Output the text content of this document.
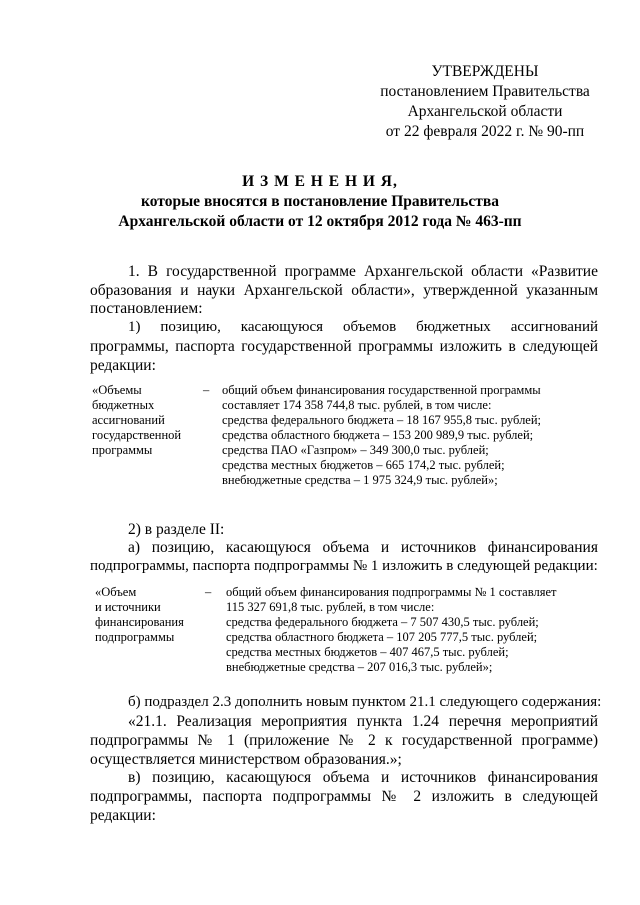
УТВЕРЖДЕНЫ
постановлением Правительства
Архангельской области
от 22 февраля 2022 г. № 90-пп
И З М Е Н Е Н И Я,
которые вносятся в постановление Правительства
Архангельской области от 12 октября 2012 года № 463-пп
1. В государственной программе Архангельской области «Развитие
образования и науки Архангельской области», утвержденной указанным
постановлением:
1) позицию, касающуюся объемов бюджетных ассигнований
программы, паспорта государственной программы изложить в следующей
редакции:
«Объемы
бюджетных
ассигнований
государственной
программы
– общий объем финансирования государственной программы
составляет 174 358 744,8 тыс. рублей, в том числе:
средства федерального бюджета – 18 167 955,8 тыс. рублей;
средства областного бюджета – 153 200 989,9 тыс. рублей;
средства ПАО «Газпром» – 349 300,0 тыс. рублей;
средства местных бюджетов – 665 174,2 тыс. рублей;
внебюджетные средства – 1 975 324,9 тыс. рублей»;
2) в разделе II:
а) позицию, касающуюся объема и источников финансирования
подпрограммы, паспорта подпрограммы № 1 изложить в следующей редакции:
«Объем
и источники
финансирования
подпрограммы
– общий объем финансирования подпрограммы № 1 составляет
115 327 691,8 тыс. рублей, в том числе:
средства федерального бюджета – 7 507 430,5 тыс. рублей;
средства областного бюджета – 107 205 777,5 тыс. рублей;
средства местных бюджетов – 407 467,5 тыс. рублей;
внебюджетные средства – 207 016,3 тыс. рублей»;
б) подраздел 2.3 дополнить новым пунктом 21.1 следующего содержания:
«21.1. Реализация мероприятия пункта 1.24 перечня мероприятий
подпрограммы № 1 (приложение № 2 к государственной программе)
осуществляется министерством образования.»;
в) позицию, касающуюся объема и источников финансирования
подпрограммы, паспорта подпрограммы № 2 изложить в следующей
редакции:
